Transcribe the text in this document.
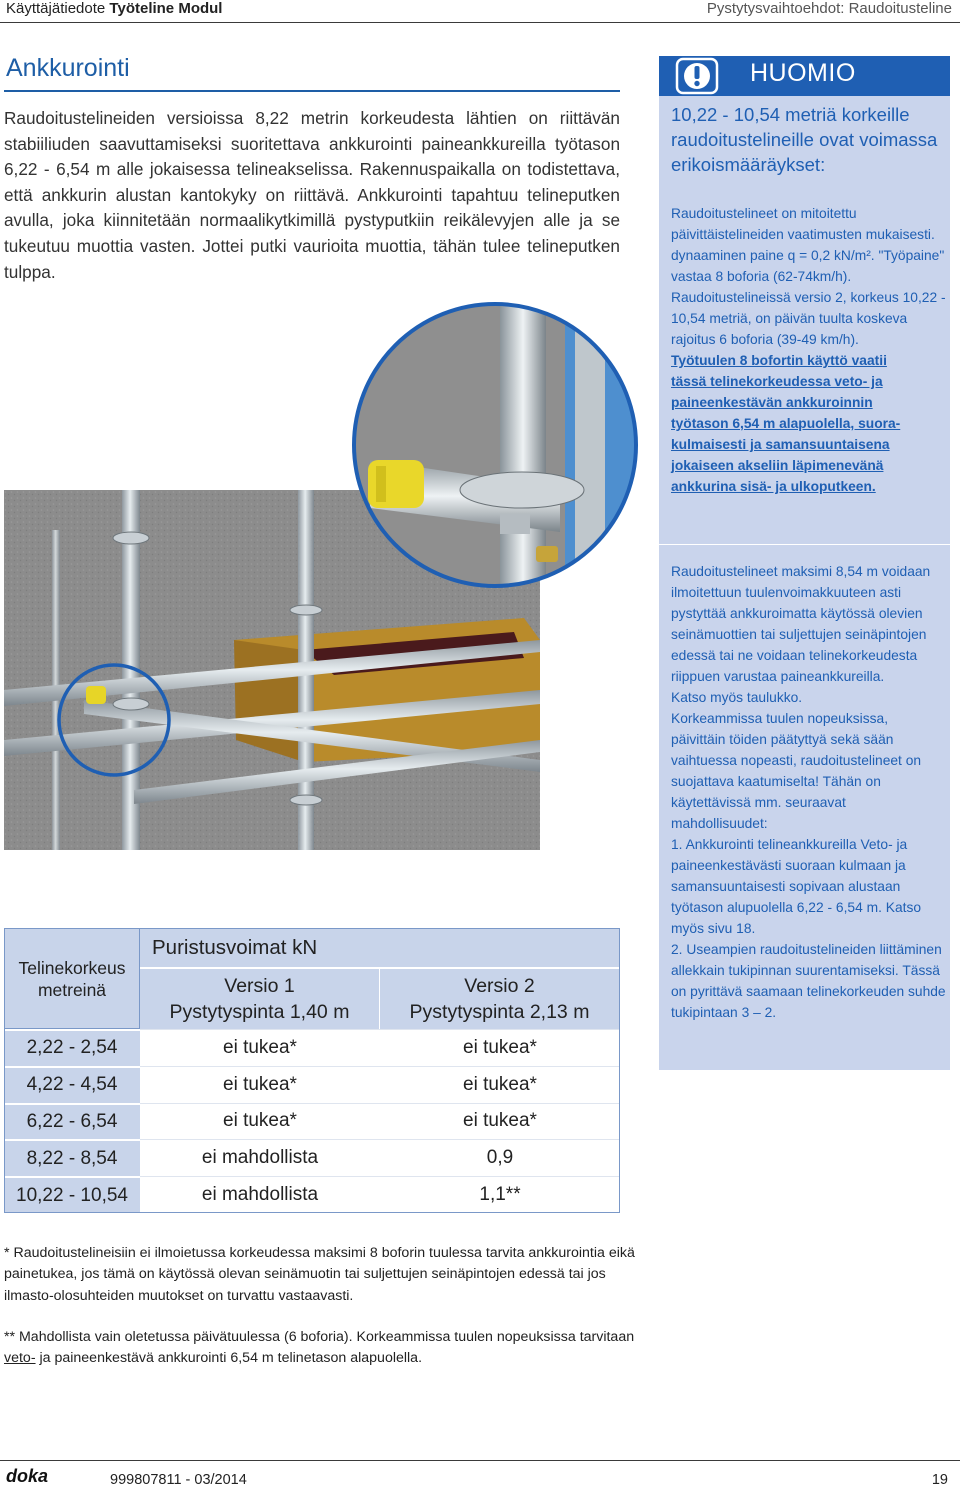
Käyttäjätiedote Työteline Modul	Pystytysvaihtoehdot: Raudoitusteline
Ankkurointi
Raudoitustelineiden versioissa 8,22 metrin korkeudesta lähtien on riittävän stabiiliuden saavuttamiseksi suoritettava ankkurointi paineankkureilla työtason 6,22 - 6,54 m alle jokaisessa telineakselissa. Rakennuspaikalla on todistettava, että ankkurin alustan kantokyky on riittävä. Ankkurointi tapahtuu telineputken avulla, joka kiinnitetään normaalikytkimillä pystyputkiin reikälevyjen alle ja se tukeutuu muottia vasten. Jottei putki vaurioita muottia, tähän tulee telineputken tulppa.
Telinekorkeus
metreinä
Puristusvoimat kN
Versio 1
Pystytyspinta 1,40 m
Versio 2
Pystytyspinta 2,13 m
2,22 - 2,54	ei tukea*	ei tukea*
4,22 - 4,54	ei tukea*	ei tukea*
6,22 - 6,54	ei tukea*	ei tukea*
8,22 - 8,54	ei mahdollista	0,9
10,22 - 10,54	ei mahdollista	1,1**
* Raudoitustelineisiin ei ilmoietussa korkeudessa maksimi 8 boforin tuulessa tarvita ankkurointia eikä painetukea, jos tämä on käytössä olevan seinämuotin tai suljettujen seinäpintojen edessä tai jos ilmasto-olosuhteiden muutokset on turvattu vastaavasti.
** Mahdollista vain oletetussa päivätuulessa (6 boforia). Korkeammissa tuulen nopeuksissa tarvitaan veto- ja paineenkestävä ankkurointi 6,54 m telinetason alapuolella.
HUOMIO
10,22 - 10,54 metriä korkeille raudoitustelineille ovat voimassa erikoismääräykset:
Raudoitustelineet on mitoitettu päivittäistelineiden vaatimusten mukaisesti. dynaaminen paine q = 0,2 kN/m². "Työpaine" vastaa 8 boforia (62-74km/h).
Raudoitustelineissä versio 2, korkeus 10,22 - 10,54 metriä, on päivän tuulta koskeva rajoitus 6 boforia (39-49 km/h).
Työtuulen 8 bofortin käyttö vaatii
tässä telinekorkeudessa veto- ja
paineenkestävän ankkuroinnin
työtason 6,54 m alapuolella, suora-
kulmaisesti ja samansuuntaisena
jokaiseen akseliin läpimenevänä
ankkurina sisä- ja ulkoputkeen.
Raudoitustelineet maksimi 8,54 m voidaan ilmoitettuun tuulenvoimakkuuteen asti pystyttää ankkuroimatta käytössä olevien seinämuottien tai suljettujen seinäpintojen edessä tai ne voidaan telinekorkeudesta riippuen varustaa paineankkureilla.
Katso myös taulukko.
Korkeammissa tuulen nopeuksissa, päivittäin töiden päätyttyä sekä sään vaihtuessa nopeasti, raudoitustelineet on suojattava kaatumiselta! Tähän on käytettävissä mm. seuraavat mahdollisuudet:
1. Ankkurointi telineankkureilla Veto- ja paineenkestävästi suoraan kulmaan ja samansuuntaisesti sopivaan alustaan työtason alupuolella 6,22 - 6,54 m. Katso myös sivu 18.
2. Useampien raudoitustelineiden liittäminen allekkain tukipinnan suurentamiseksi. Tässä on pyrittävä saamaan telinekorkeuden suhde tukipintaan 3 – 2.
doka	999807811 - 03/2014	19
